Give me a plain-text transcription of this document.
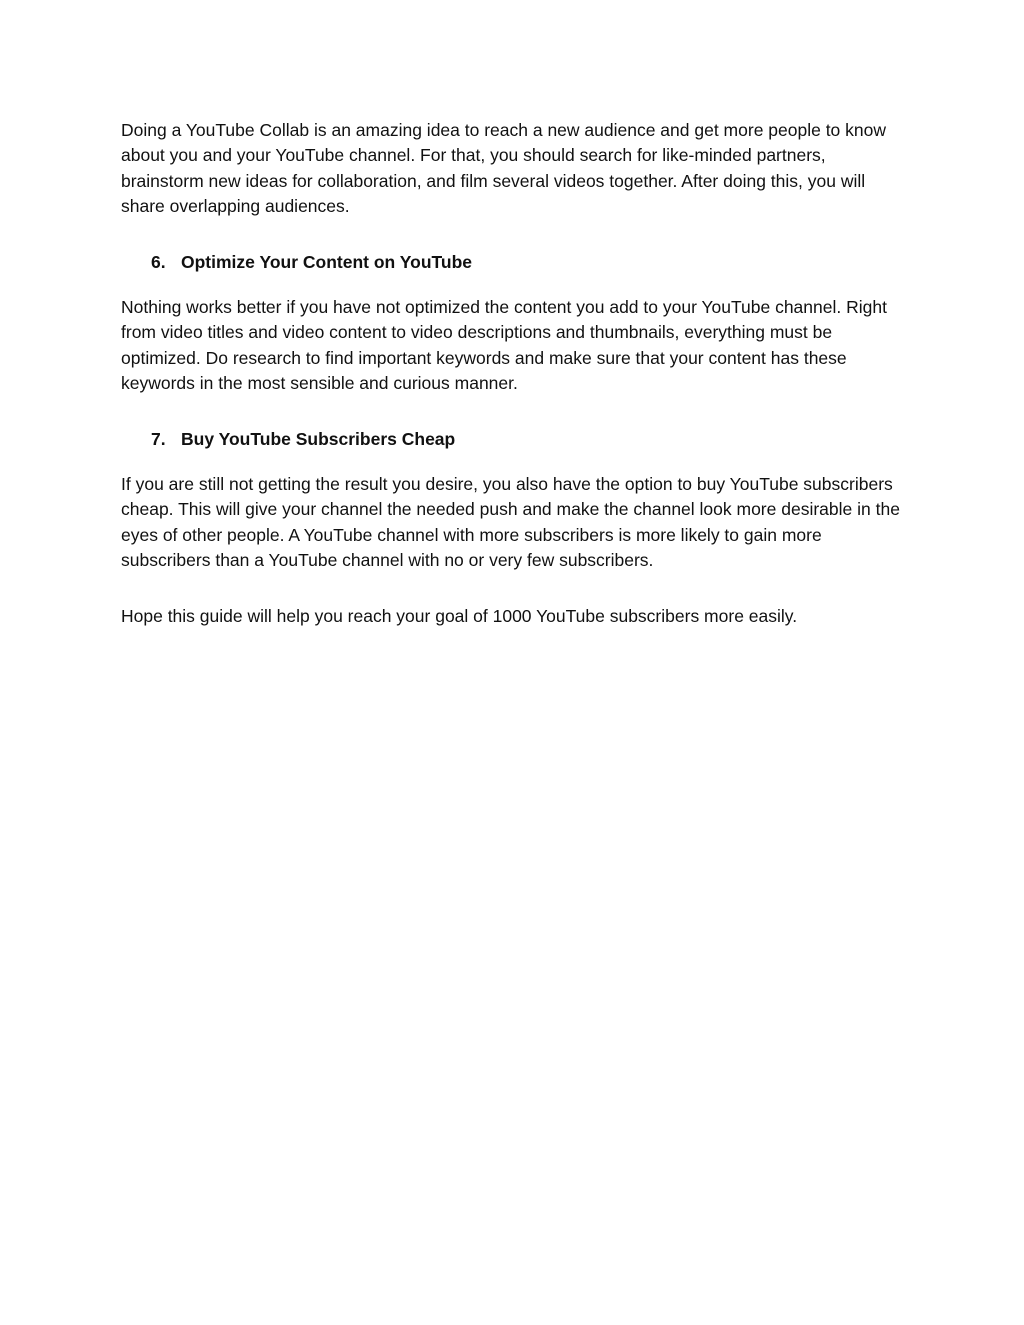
Doing a YouTube Collab is an amazing idea to reach a new audience and get more people to know about you and your YouTube channel. For that, you should search for like-minded partners, brainstorm new ideas for collaboration, and film several videos together. After doing this, you will share overlapping audiences.

6. Optimize Your Content on YouTube

Nothing works better if you have not optimized the content you add to your YouTube channel. Right from video titles and video content to video descriptions and thumbnails, everything must be optimized. Do research to find important keywords and make sure that your content has these keywords in the most sensible and curious manner.

7. Buy YouTube Subscribers Cheap

If you are still not getting the result you desire, you also have the option to buy YouTube subscribers cheap. This will give your channel the needed push and make the channel look more desirable in the eyes of other people. A YouTube channel with more subscribers is more likely to gain more subscribers than a YouTube channel with no or very few subscribers.

Hope this guide will help you reach your goal of 1000 YouTube subscribers more easily.
